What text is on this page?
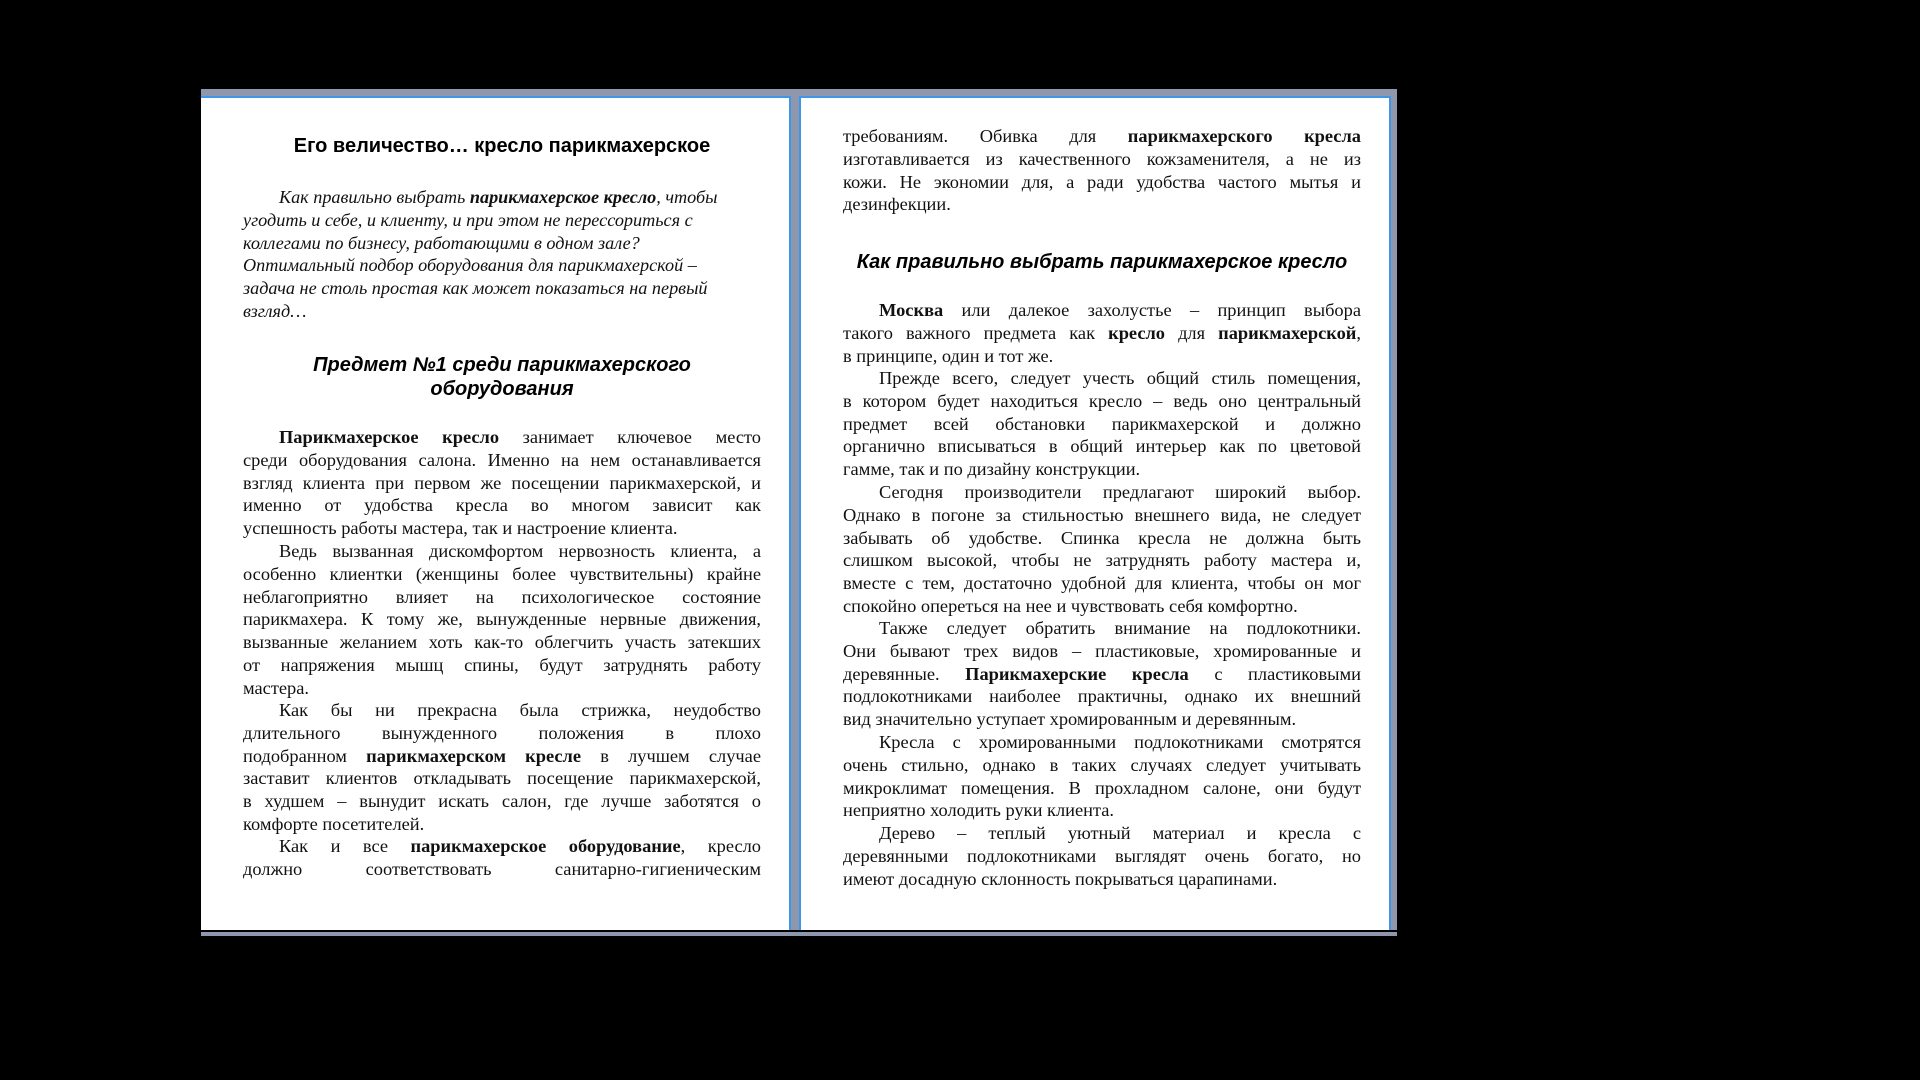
Его величество… кресло парикмахерское
Как правильно выбрать парикмахерское кресло, чтобы
угодить и себе, и клиенту, и при этом не перессориться с
коллегами по бизнесу, работающими в одном зале?
Оптимальный подбор оборудования для парикмахерской –
задача не столь простая как может показаться на первый
взгляд…
Предмет №1 среди парикмахерского
оборудования
Парикмахерское кресло занимает ключевое место
среди оборудования салона. Именно на нем останавливается
взгляд клиента при первом же посещении парикмахерской, и
именно от удобства кресла во многом зависит как
успешность работы мастера, так и настроение клиента.
Ведь вызванная дискомфортом нервозность клиента, а
особенно клиентки (женщины более чувствительны) крайне
неблагоприятно влияет на психологическое состояние
парикмахера. К тому же, вынужденные нервные движения,
вызванные желанием хоть как-то облегчить участь затекших
от напряжения мышц спины, будут затруднять работу
мастера.
Как бы ни прекрасна была стрижка, неудобство
длительного вынужденного положения в плохо
подобранном парикмахерском кресле в лучшем случае
заставит клиентов откладывать посещение парикмахерской,
в худшем – вынудит искать салон, где лучше заботятся о
комфорте посетителей.
Как и все парикмахерское оборудование, кресло
должно соответствовать санитарно-гигиеническим
требованиям. Обивка для парикмахерского кресла
изготавливается из качественного кожзаменителя, а не из
кожи. Не экономии для, а ради удобства частого мытья и
дезинфекции.
Как правильно выбрать парикмахерское кресло
Москва или далекое захолустье – принцип выбора
такого важного предмета как кресло для парикмахерской,
в принципе, один и тот же.
Прежде всего, следует учесть общий стиль помещения,
в котором будет находиться кресло – ведь оно центральный
предмет всей обстановки парикмахерской и должно
органично вписываться в общий интерьер как по цветовой
гамме, так и по дизайну конструкции.
Сегодня производители предлагают широкий выбор.
Однако в погоне за стильностью внешнего вида, не следует
забывать об удобстве. Спинка кресла не должна быть
слишком высокой, чтобы не затруднять работу мастера и,
вместе с тем, достаточно удобной для клиента, чтобы он мог
спокойно опереться на нее и чувствовать себя комфортно.
Также следует обратить внимание на подлокотники.
Они бывают трех видов – пластиковые, хромированные и
деревянные. Парикмахерские кресла с пластиковыми
подлокотниками наиболее практичны, однако их внешний
вид значительно уступает хромированным и деревянным.
Кресла с хромированными подлокотниками смотрятся
очень стильно, однако в таких случаях следует учитывать
микроклимат помещения. В прохладном салоне, они будут
неприятно холодить руки клиента.
Дерево – теплый уютный материал и кресла с
деревянными подлокотниками выглядят очень богато, но
имеют досадную склонность покрываться царапинами.
